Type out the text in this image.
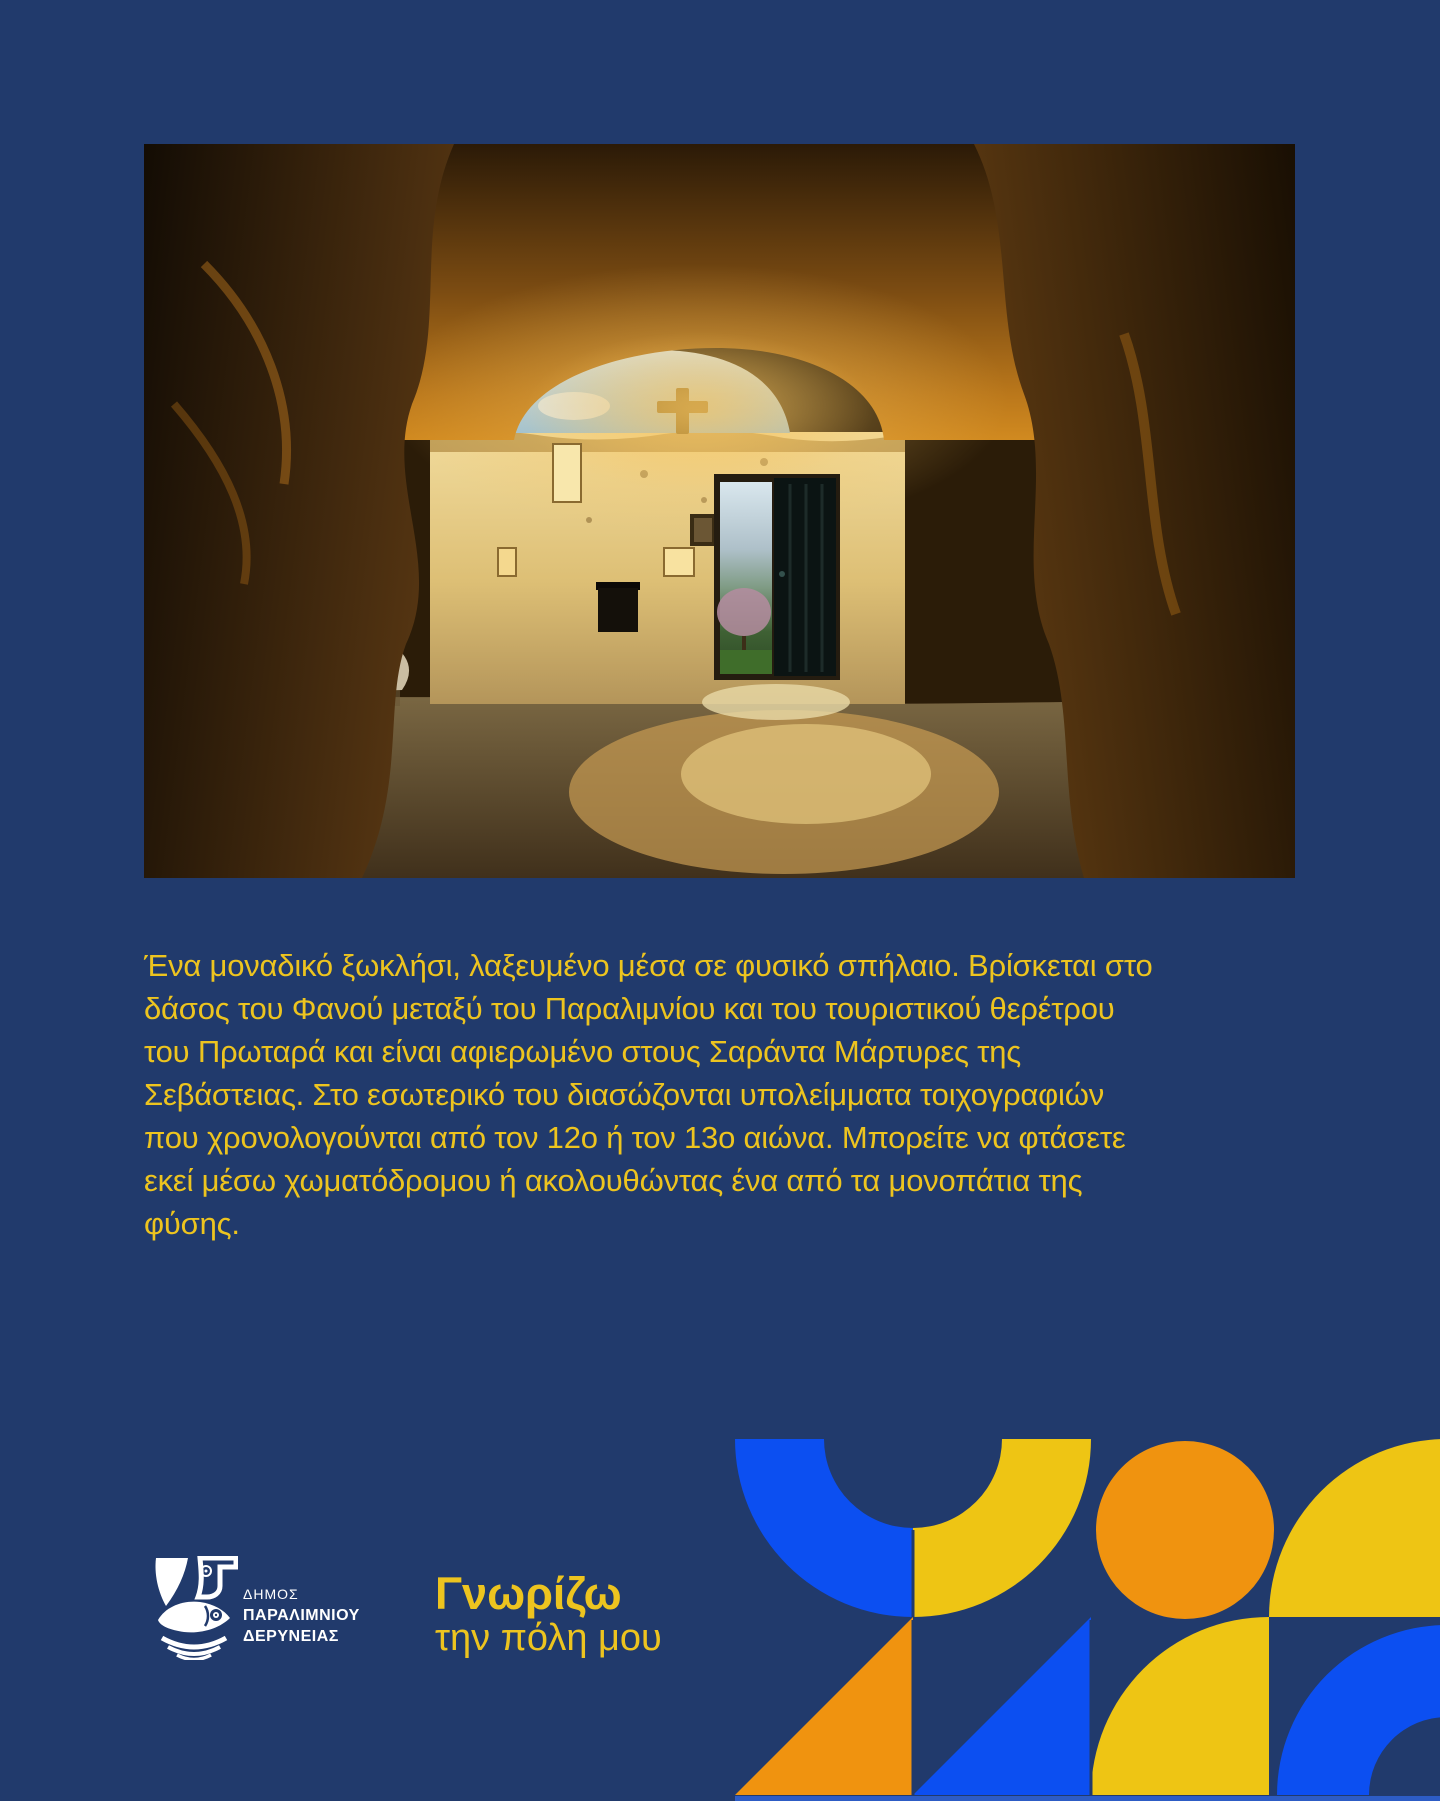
Ένα μοναδικό ξωκλήσι, λαξευμένο μέσα σε φυσικό σπήλαιο. Βρίσκεται στο
δάσος του Φανού μεταξύ του Παραλιμνίου και του τουριστικού θερέτρου
του Πρωταρά και είναι αφιερωμένο στους Σαράντα Μάρτυρες της
Σεβάστειας. Στο εσωτερικό του διασώζονται υπολείμματα τοιχογραφιών
που χρονολογούνται από τον 12ο ή τον 13ο αιώνα. Μπορείτε να φτάσετε
εκεί μέσω χωματόδρομου ή ακολουθώντας ένα από τα μονοπάτια της
φύσης.
ΔΗΜΟΣ
ΠΑΡΑΛΙΜΝΙΟΥ
ΔΕΡΥΝΕΙΑΣ
Γνωρίζω
την πόλη μου
